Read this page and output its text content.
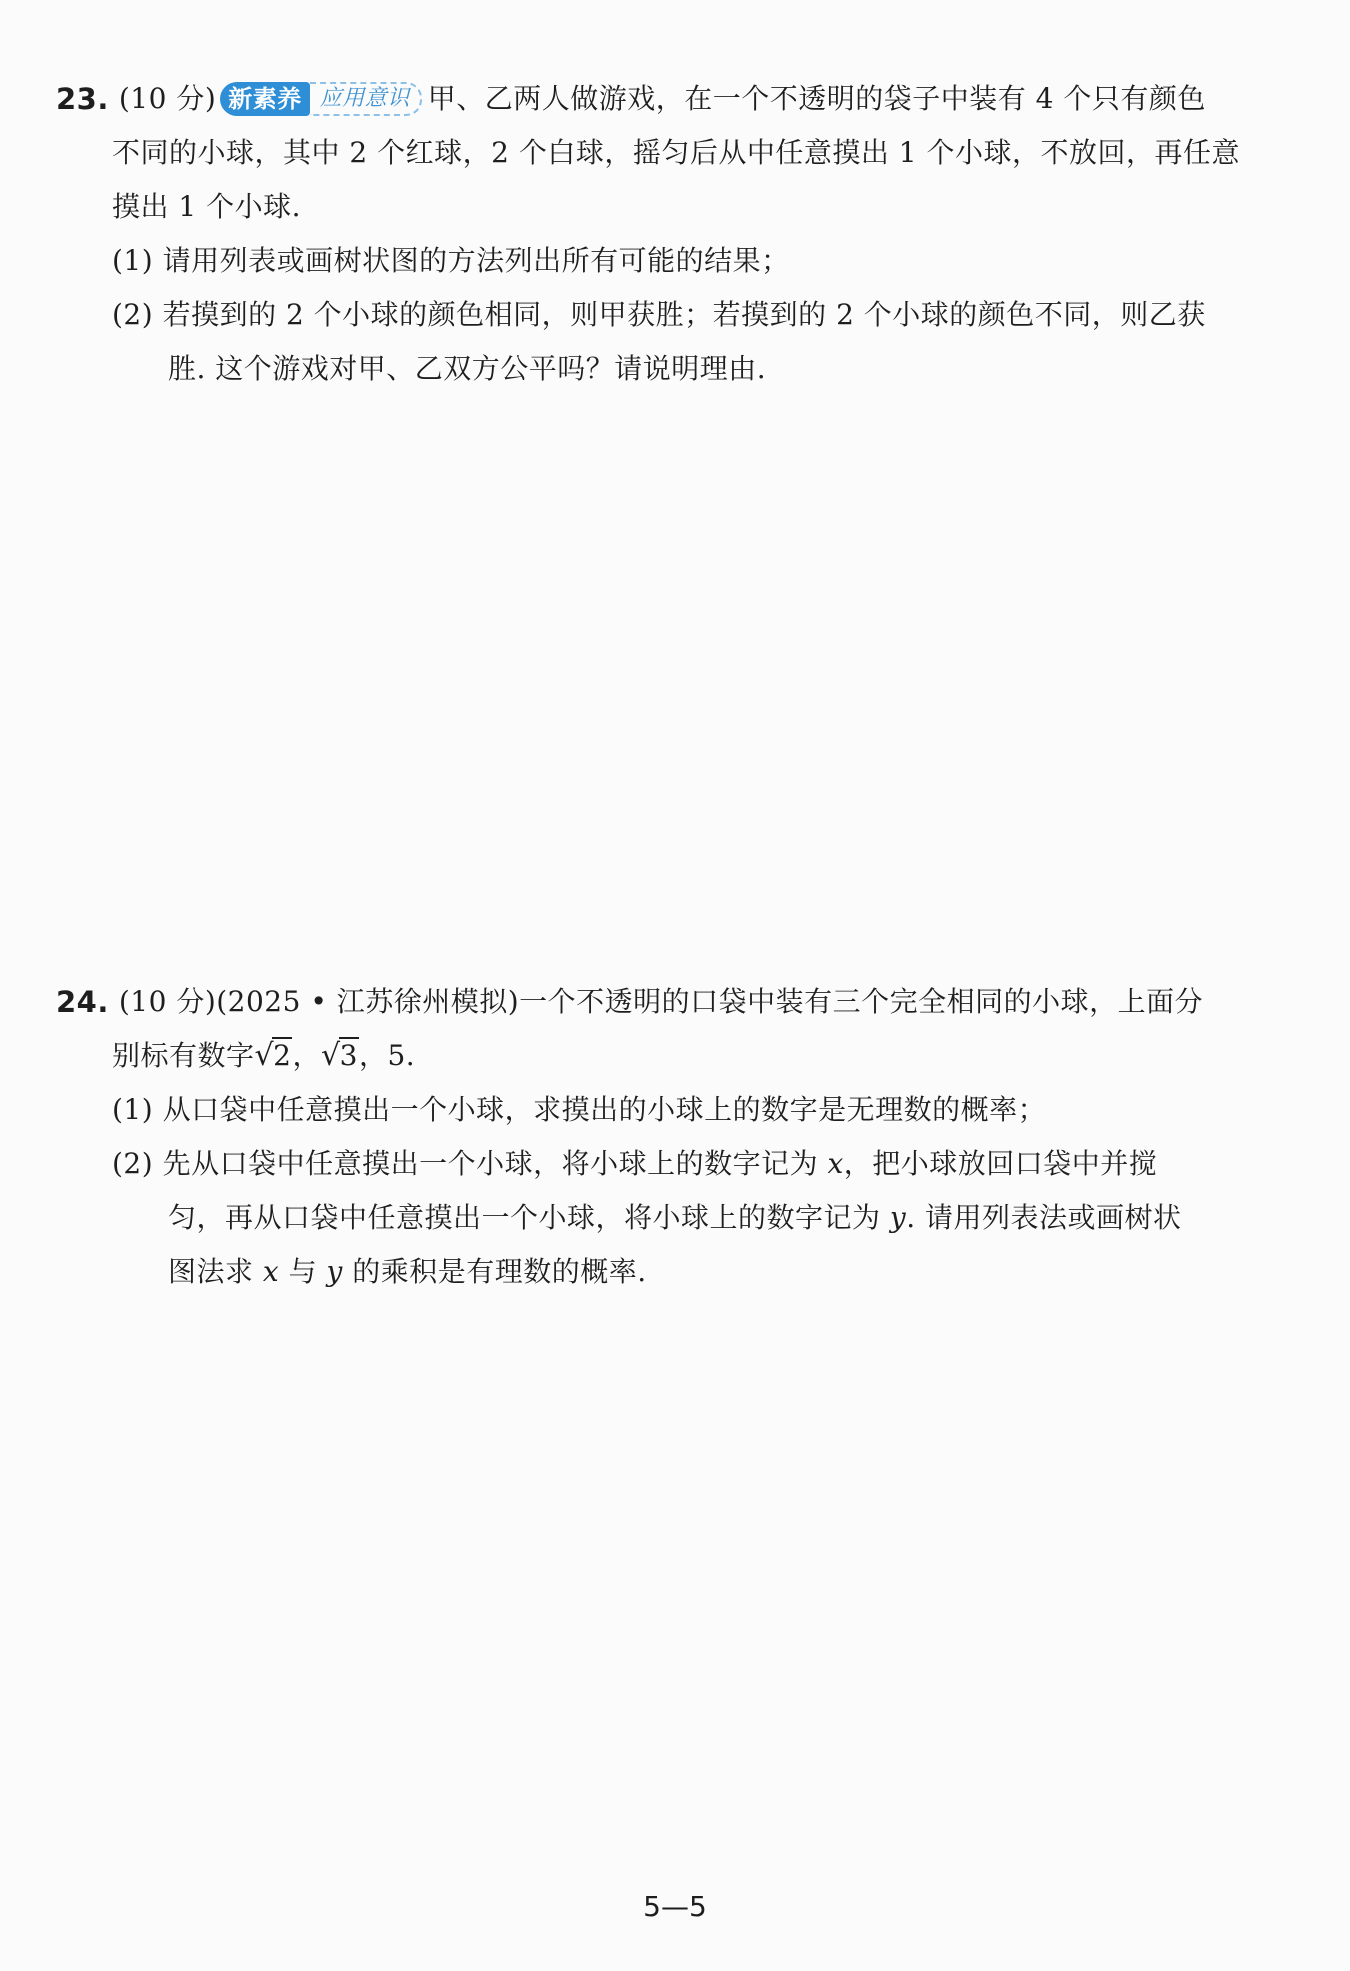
23. (10 分) 新素养 应用意识 甲、乙两人做游戏，在一个不透明的袋子中装有 4 个只有颜色
不同的小球，其中 2 个红球，2 个白球，摇匀后从中任意摸出 1 个小球，不放回，再任意
摸出 1 个小球.
(1) 请用列表或画树状图的方法列出所有可能的结果；
(2) 若摸到的 2 个小球的颜色相同，则甲获胜；若摸到的 2 个小球的颜色不同，则乙获
胜. 这个游戏对甲、乙双方公平吗？请说明理由.
24. (10 分)(2025 • 江苏徐州模拟)一个不透明的口袋中装有三个完全相同的小球，上面分
别标有数字√2，√3，5.
(1) 从口袋中任意摸出一个小球，求摸出的小球上的数字是无理数的概率；
(2) 先从口袋中任意摸出一个小球，将小球上的数字记为 x，把小球放回口袋中并搅
匀，再从口袋中任意摸出一个小球，将小球上的数字记为 y. 请用列表法或画树状
图法求 x 与 y 的乘积是有理数的概率.
5—5
